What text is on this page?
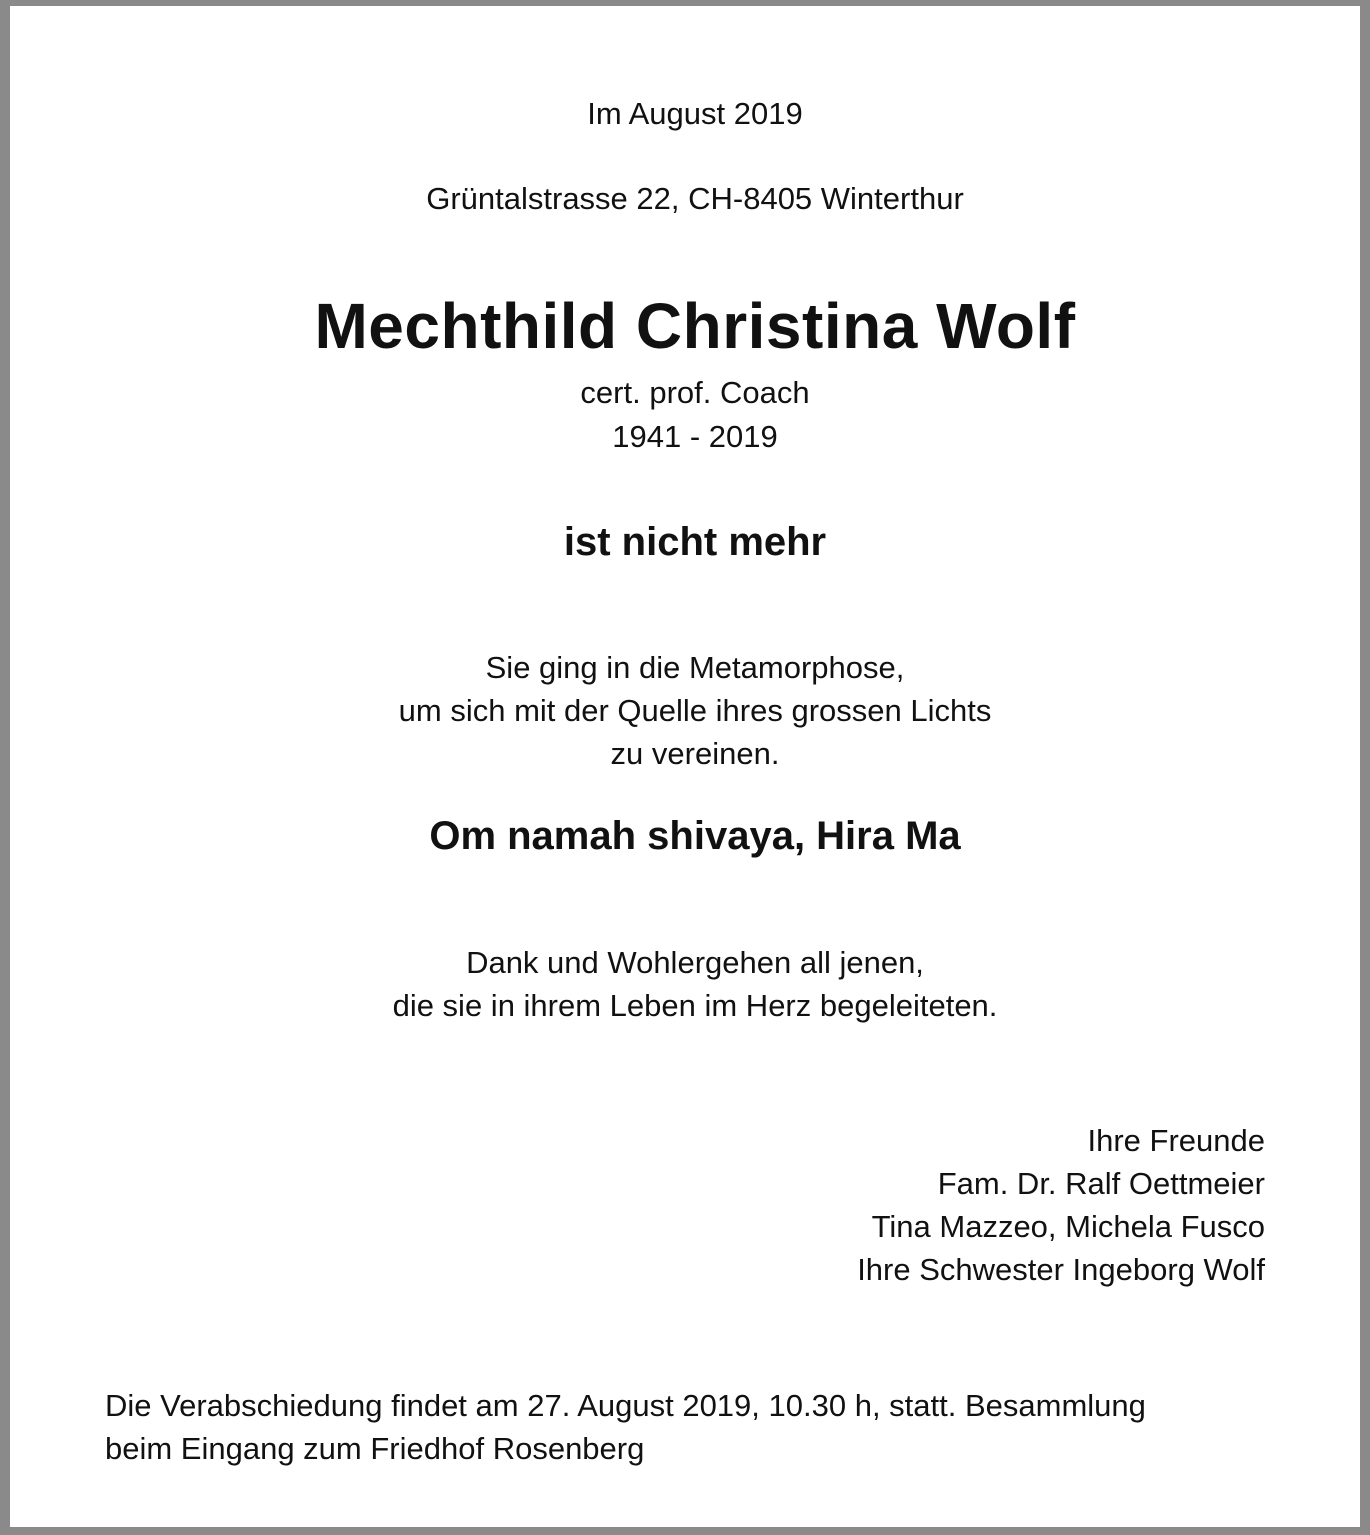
Im August 2019
Grüntalstrasse 22, CH-8405 Winterthur
Mechthild Christina Wolf
cert. prof. Coach
1941 - 2019
ist nicht mehr
Sie ging in die Metamorphose,
um sich mit der Quelle ihres grossen Lichts
zu vereinen.
Om namah shivaya, Hira Ma
Dank und Wohlergehen all jenen,
die sie in ihrem Leben im Herz begeleiteten.
Ihre Freunde
Fam. Dr. Ralf Oettmeier
Tina Mazzeo, Michela Fusco
Ihre Schwester Ingeborg Wolf
Die Verabschiedung findet am 27. August 2019, 10.30 h, statt. Besammlung
beim Eingang zum Friedhof Rosenberg
